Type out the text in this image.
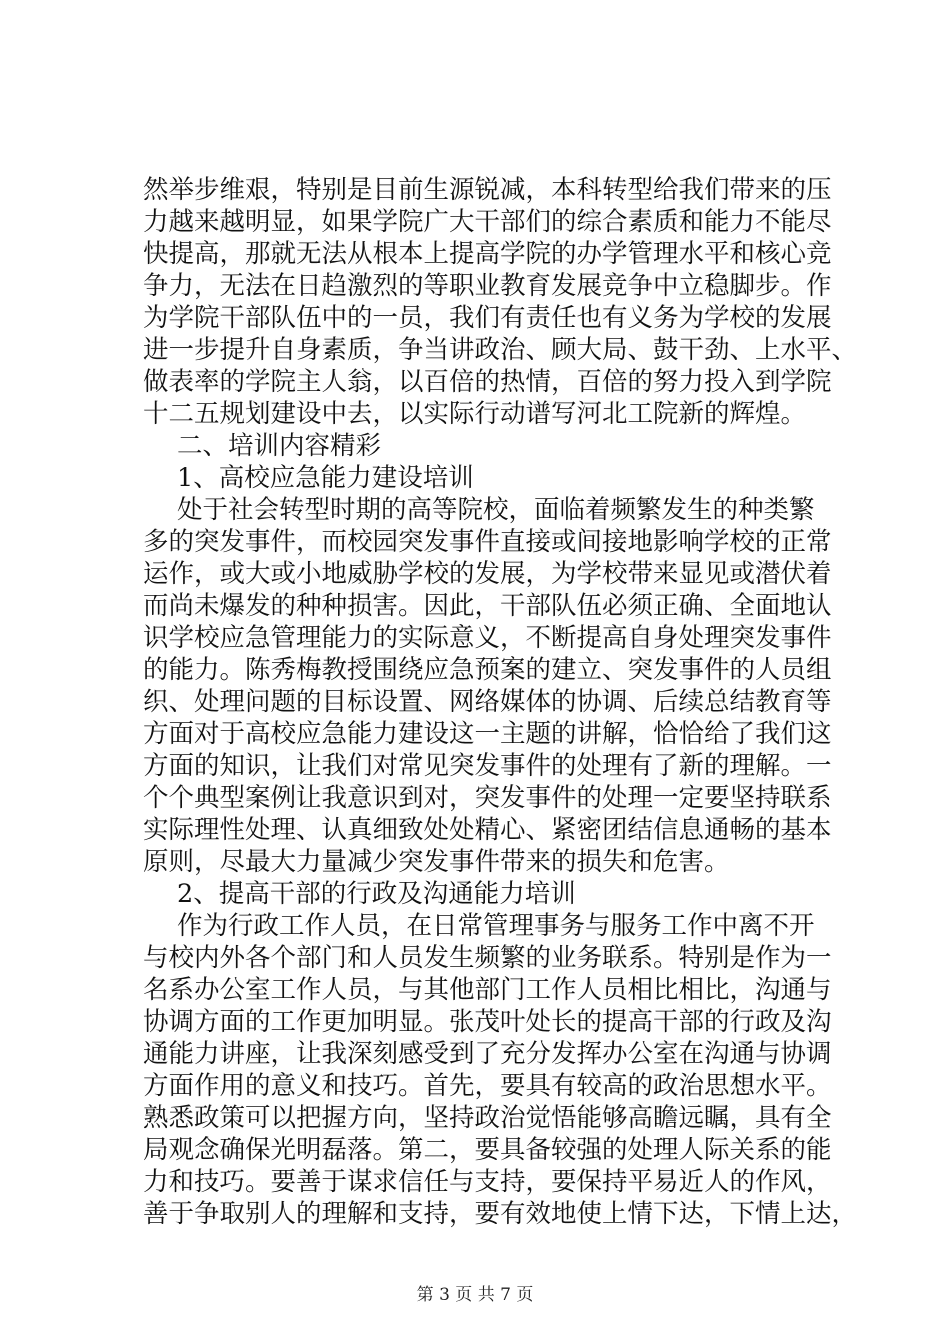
然举步维艰，特别是目前生源锐减，本科转型给我们带来的压
力越来越明显，如果学院广大干部们的综合素质和能力不能尽
快提高，那就无法从根本上提高学院的办学管理水平和核心竞
争力，无法在日趋激烈的等职业教育发展竞争中立稳脚步。作
为学院干部队伍中的一员，我们有责任也有义务为学校的发展
进一步提升自身素质，争当讲政治、顾大局、鼓干劲、上水平、
做表率的学院主人翁，以百倍的热情，百倍的努力投入到学院
十二五规划建设中去，以实际行动谱写河北工院新的辉煌。
二、培训内容精彩
1、高校应急能力建设培训
处于社会转型时期的高等院校，面临着频繁发生的种类繁
多的突发事件，而校园突发事件直接或间接地影响学校的正常
运作，或大或小地威胁学校的发展，为学校带来显见或潜伏着
而尚未爆发的种种损害。因此，干部队伍必须正确、全面地认
识学校应急管理能力的实际意义，不断提高自身处理突发事件
的能力。陈秀梅教授围绕应急预案的建立、突发事件的人员组
织、处理问题的目标设置、网络媒体的协调、后续总结教育等
方面对于高校应急能力建设这一主题的讲解，恰恰给了我们这
方面的知识，让我们对常见突发事件的处理有了新的理解。一
个个典型案例让我意识到对，突发事件的处理一定要坚持联系
实际理性处理、认真细致处处精心、紧密团结信息通畅的基本
原则，尽最大力量减少突发事件带来的损失和危害。
2、提高干部的行政及沟通能力培训
作为行政工作人员，在日常管理事务与服务工作中离不开
与校内外各个部门和人员发生频繁的业务联系。特别是作为一
名系办公室工作人员，与其他部门工作人员相比相比，沟通与
协调方面的工作更加明显。张茂叶处长的提高干部的行政及沟
通能力讲座，让我深刻感受到了充分发挥办公室在沟通与协调
方面作用的意义和技巧。首先，要具有较高的政治思想水平。
熟悉政策可以把握方向，坚持政治觉悟能够高瞻远瞩，具有全
局观念确保光明磊落。第二，要具备较强的处理人际关系的能
力和技巧。要善于谋求信任与支持，要保持平易近人的作风，
善于争取别人的理解和支持，要有效地使上情下达，下情上达，
第 3 页 共 7 页
